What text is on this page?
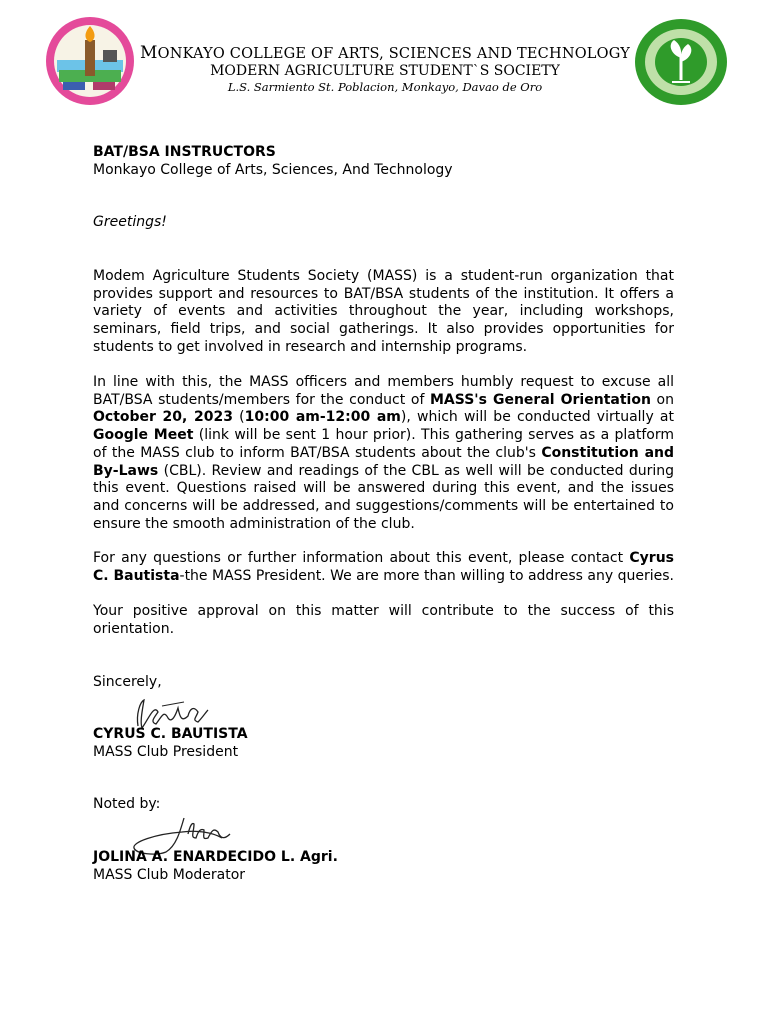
MONKAYO COLLEGE OF ARTS, SCIENCES AND TECHNOLOGY
MODERN AGRICULTURE STUDENT`S SOCIETY
L.S. Sarmiento St. Poblacion, Monkayo, Davao de Oro
BAT/BSA INSTRUCTORS
Monkayo College of Arts, Sciences, And Technology
Greetings!
Modem Agriculture Students Society (MASS) is a student-run organization that provides support and resources to BAT/BSA students of the institution. It offers a variety of events and activities throughout the year, including workshops, seminars, field trips, and social gatherings. It also provides opportunities for students to get involved in research and internship programs.
In line with this, the MASS officers and members humbly request to excuse all BAT/BSA students/members for the conduct of MASS's General Orientation on October 20, 2023 (10:00 am-12:00 am), which will be conducted virtually at Google Meet (link will be sent 1 hour prior). This gathering serves as a platform of the MASS club to inform BAT/BSA students about the club's Constitution and By-Laws (CBL). Review and readings of the CBL as well will be conducted during this event. Questions raised will be answered during this event, and the issues and concerns will be addressed, and suggestions/comments will be entertained to ensure the smooth administration of the club.
For any questions or further information about this event, please contact Cyrus C. Bautista-the MASS President. We are more than willing to address any queries.
Your positive approval on this matter will contribute to the success of this orientation.
Sincerely,
CYRUS C. BAUTISTA
MASS Club President
Noted by:
JOLINA A. ENARDECIDO L. Agri.
MASS Club Moderator
